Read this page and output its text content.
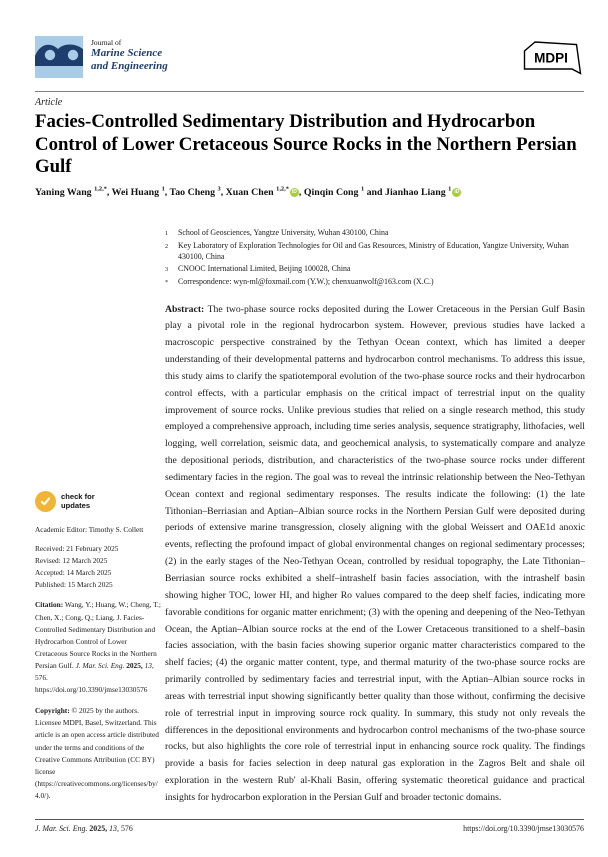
Journal of
Marine Science
and Engineering	MDPI
Article
Facies-Controlled Sedimentary Distribution and Hydrocarbon Control of Lower Cretaceous Source Rocks in the Northern Persian Gulf
Yaning Wang $^{1,2,*}$, Wei Huang $^1$, Tao Cheng $^3$, Xuan Chen $^{1,2,*}$ iD , Qinqin Cong $^1$ and Jianhao Liang $^1$ iD
1	School of Geosciences, Yangtze University, Wuhan 430100, China
2	Key Laboratory of Exploration Technologies for Oil and Gas Resources, Ministry of Education, Yangtze University, Wuhan 430100, China
3	CNOOC International Limited, Beijing 100028, China
*	Correspondence: wyn-ml@foxmail.com (Y.W.); chenxuanwolf@163.com (X.C.)

Abstract: The two-phase source rocks deposited during the Lower Cretaceous in the Persian Gulf Basin play a pivotal role in the regional hydrocarbon system. However, previous studies have lacked a macroscopic perspective constrained by the Tethyan Ocean context, which has limited a deeper understanding of their developmental patterns and hydrocarbon control mechanisms. To address this issue, this study aims to clarify the spatiotemporal evolution of the two-phase source rocks and their hydrocarbon control effects, with a particular emphasis on the critical impact of terrestrial input on the quality improvement of source rocks. Unlike previous studies that relied on a single research method, this study employed a comprehensive approach, including time series analysis, sequence stratigraphy, lithofacies, well logging, well correlation, seismic data, and geochemical analysis, to systematically compare and analyze the depositional periods, distribution, and characteristics of the two-phase source rocks under different sedimentary facies in the region. The goal was to reveal the intrinsic relationship between the Neo-Tethyan Ocean context and regional sedimentary responses. The results indicate the following: (1) the late Tithonian–Berriasian and Aptian–Albian source rocks in the Northern Persian Gulf were deposited during periods of extensive marine transgression, closely aligning with the global Weissert and OAE1d anoxic events, reflecting the profound impact of global environmental changes on regional sedimentary processes; (2) in the early stages of the Neo-Tethyan Ocean, controlled by residual topography, the Late Tithonian–Berriasian source rocks exhibited a shelf–intrashelf basin facies association, with the intrashelf basin showing higher TOC, lower HI, and higher Ro values compared to the deep shelf facies, indicating more favorable conditions for organic matter enrichment; (3) with the opening and deepening of the Neo-Tethyan Ocean, the Aptian–Albian source rocks at the end of the Lower Cretaceous transitioned to a shelf–basin facies association, with the basin facies showing superior organic matter characteristics compared to the shelf facies; (4) the organic matter content, type, and thermal maturity of the two-phase source rocks are primarily controlled by sedimentary facies and terrestrial input, with the Aptian–Albian source rocks in areas with terrestrial input showing significantly better quality than those without, confirming the decisive role of terrestrial input in improving source rock quality. In summary, this study not only reveals the differences in the depositional environments and hydrocarbon control mechanisms of the two-phase source rocks, but also highlights the core role of terrestrial input in enhancing source rock quality. The findings provide a basis for facies selection in deep natural gas exploration in the Zagros Belt and shale oil exploration in the western Rub' al-Khali Basin, offering systematic theoretical guidance and practical insights for hydrocarbon exploration in the Persian Gulf and broader tectonic domains.

check for
updates
Academic Editor: Timothy S. Collett
Received: 21 February 2025
Revised: 12 March 2025
Accepted: 14 March 2025
Published: 15 March 2025
Citation: Wang, Y.; Huang, W.; Cheng, T.; Chen, X.; Cong, Q.; Liang, J. Facies-Controlled Sedimentary Distribution and Hydrocarbon Control of Lower Cretaceous Source Rocks in the Northern Persian Gulf. J. Mar. Sci. Eng. 2025, 13, 576. https://doi.org/10.3390/jmse13030576
Copyright: © 2025 by the authors. Licensee MDPI, Basel, Switzerland. This article is an open access article distributed under the terms and conditions of the Creative Commons Attribution (CC BY) license (https://creativecommons.org/licenses/by/4.0/).
J. Mar. Sci. Eng. 2025, 13, 576	https://doi.org/10.3390/jmse13030576
